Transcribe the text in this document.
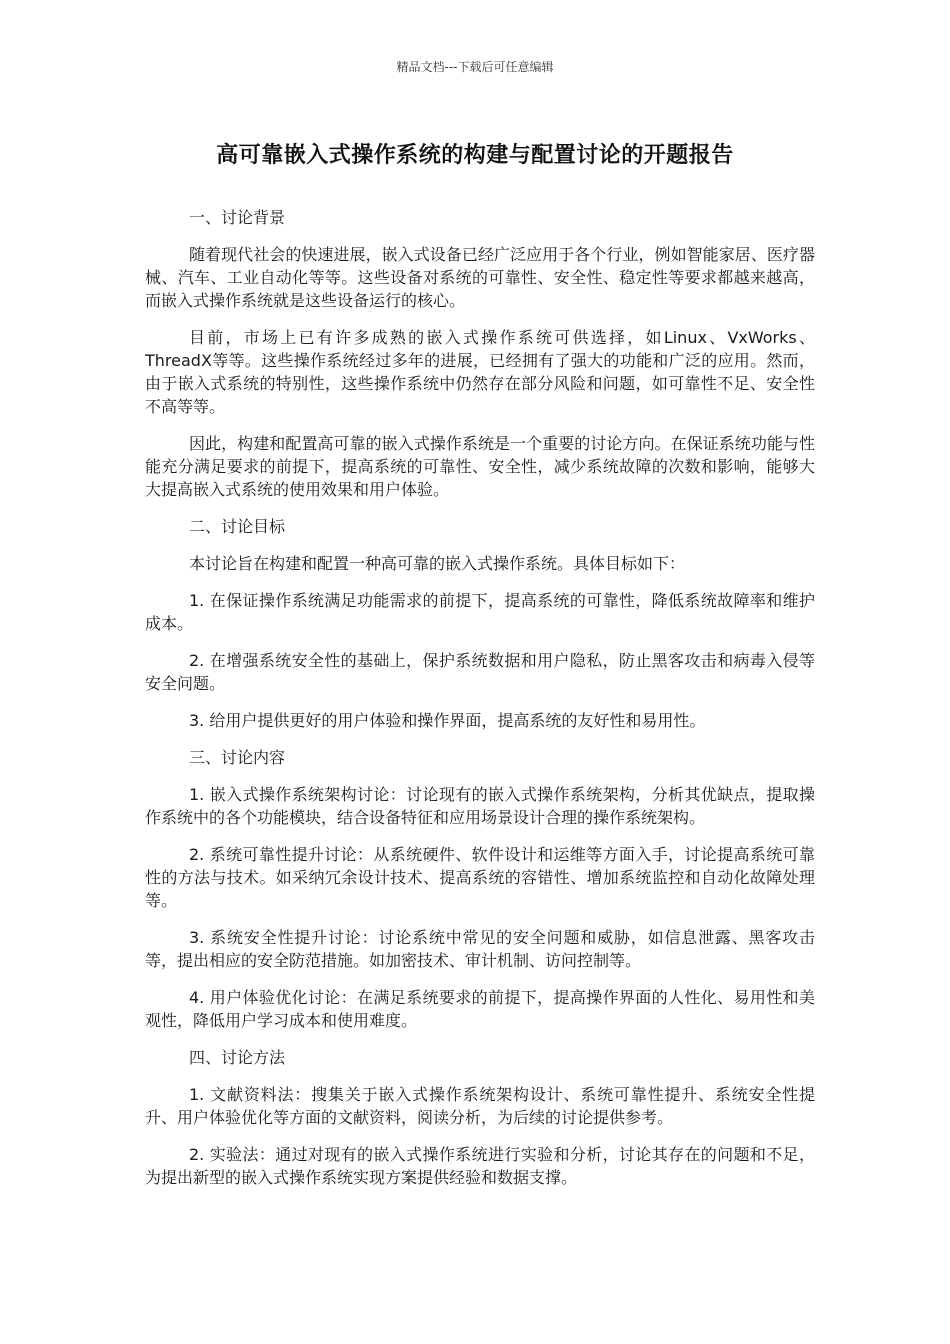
精品文档---下载后可任意编辑
高可靠嵌入式操作系统的构建与配置讨论的开题报告
一、讨论背景
随着现代社会的快速进展，嵌入式设备已经广泛应用于各个行业，例如智能家居、医疗器械、汽车、工业自动化等等。这些设备对系统的可靠性、安全性、稳定性等要求都越来越高，而嵌入式操作系统就是这些设备运行的核心。
目前，市场上已有许多成熟的嵌入式操作系统可供选择，如Linux、VxWorks、ThreadX等等。这些操作系统经过多年的进展，已经拥有了强大的功能和广泛的应用。然而，由于嵌入式系统的特别性，这些操作系统中仍然存在部分风险和问题，如可靠性不足、安全性不高等等。
因此，构建和配置高可靠的嵌入式操作系统是一个重要的讨论方向。在保证系统功能与性能充分满足要求的前提下，提高系统的可靠性、安全性，减少系统故障的次数和影响，能够大大提高嵌入式系统的使用效果和用户体验。
二、讨论目标
本讨论旨在构建和配置一种高可靠的嵌入式操作系统。具体目标如下：
1. 在保证操作系统满足功能需求的前提下，提高系统的可靠性，降低系统故障率和维护成本。
2. 在增强系统安全性的基础上，保护系统数据和用户隐私，防止黑客攻击和病毒入侵等安全问题。
3. 给用户提供更好的用户体验和操作界面，提高系统的友好性和易用性。
三、讨论内容
1. 嵌入式操作系统架构讨论：讨论现有的嵌入式操作系统架构，分析其优缺点，提取操作系统中的各个功能模块，结合设备特征和应用场景设计合理的操作系统架构。
2. 系统可靠性提升讨论：从系统硬件、软件设计和运维等方面入手，讨论提高系统可靠性的方法与技术。如采纳冗余设计技术、提高系统的容错性、增加系统监控和自动化故障处理等。
3. 系统安全性提升讨论：讨论系统中常见的安全问题和威胁，如信息泄露、黑客攻击等，提出相应的安全防范措施。如加密技术、审计机制、访问控制等。
4. 用户体验优化讨论：在满足系统要求的前提下，提高操作界面的人性化、易用性和美观性，降低用户学习成本和使用难度。
四、讨论方法
1. 文献资料法：搜集关于嵌入式操作系统架构设计、系统可靠性提升、系统安全性提升、用户体验优化等方面的文献资料，阅读分析，为后续的讨论提供参考。
2. 实验法：通过对现有的嵌入式操作系统进行实验和分析，讨论其存在的问题和不足，为提出新型的嵌入式操作系统实现方案提供经验和数据支撑。
